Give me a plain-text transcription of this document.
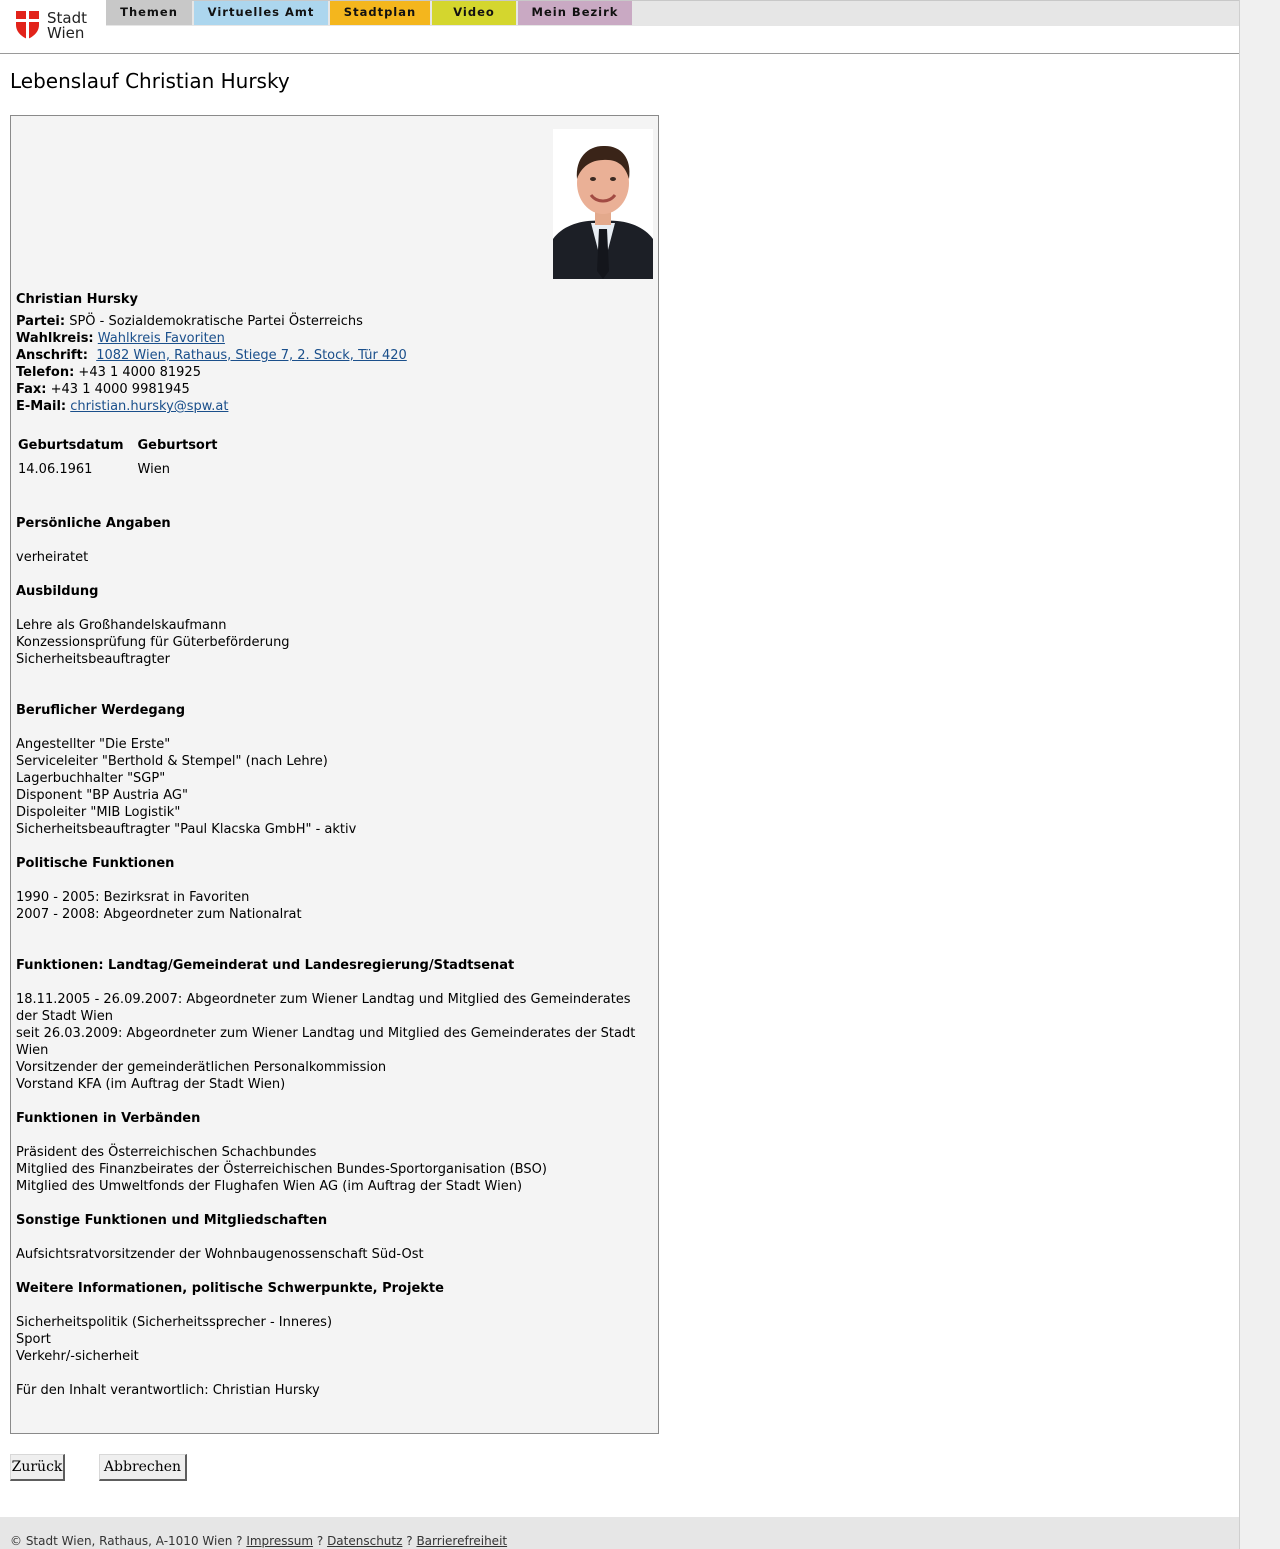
Stadt
Wien
Themen	Virtuelles Amt	Stadtplan	Video	Mein Bezirk
Lebenslauf Christian Hursky
Christian Hursky
Partei: SPÖ - Sozialdemokratische Partei Österreichs
Wahlkreis: Wahlkreis Favoriten
Anschrift: 1082 Wien, Rathaus, Stiege 7, 2. Stock, Tür 420
Telefon: +43 1 4000 81925
Fax: +43 1 4000 9981945
E-Mail: christian.hursky@spw.at
Geburtsdatum	Geburtsort
14.06.1961	Wien
Persönliche Angaben
verheiratet
Ausbildung
Lehre als Großhandelskaufmann
Konzessionsprüfung für Güterbeförderung
Sicherheitsbeauftragter
Beruflicher Werdegang
Angestellter "Die Erste"
Serviceleiter "Berthold & Stempel" (nach Lehre)
Lagerbuchhalter "SGP"
Disponent "BP Austria AG"
Dispoleiter "MIB Logistik"
Sicherheitsbeauftragter "Paul Klacska GmbH" - aktiv
Politische Funktionen
1990 - 2005: Bezirksrat in Favoriten
2007 - 2008: Abgeordneter zum Nationalrat
Funktionen: Landtag/Gemeinderat und Landesregierung/Stadtsenat
18.11.2005 - 26.09.2007: Abgeordneter zum Wiener Landtag und Mitglied des Gemeinderates der Stadt Wien
seit 26.03.2009: Abgeordneter zum Wiener Landtag und Mitglied des Gemeinderates der Stadt Wien
Vorsitzender der gemeinderätlichen Personalkommission
Vorstand KFA (im Auftrag der Stadt Wien)
Funktionen in Verbänden
Präsident des Österreichischen Schachbundes
Mitglied des Finanzbeirates der Österreichischen Bundes-Sportorganisation (BSO)
Mitglied des Umweltfonds der Flughafen Wien AG (im Auftrag der Stadt Wien)
Sonstige Funktionen und Mitgliedschaften
Aufsichtsratvorsitzender der Wohnbaugenossenschaft Süd-Ost
Weitere Informationen, politische Schwerpunkte, Projekte
Sicherheitspolitik (Sicherheitssprecher - Inneres)
Sport
Verkehr/-sicherheit
Für den Inhalt verantwortlich: Christian Hursky
Zurück	Abbrechen
© Stadt Wien, Rathaus, A-1010 Wien ? Impressum ? Datenschutz ? Barrierefreiheit
